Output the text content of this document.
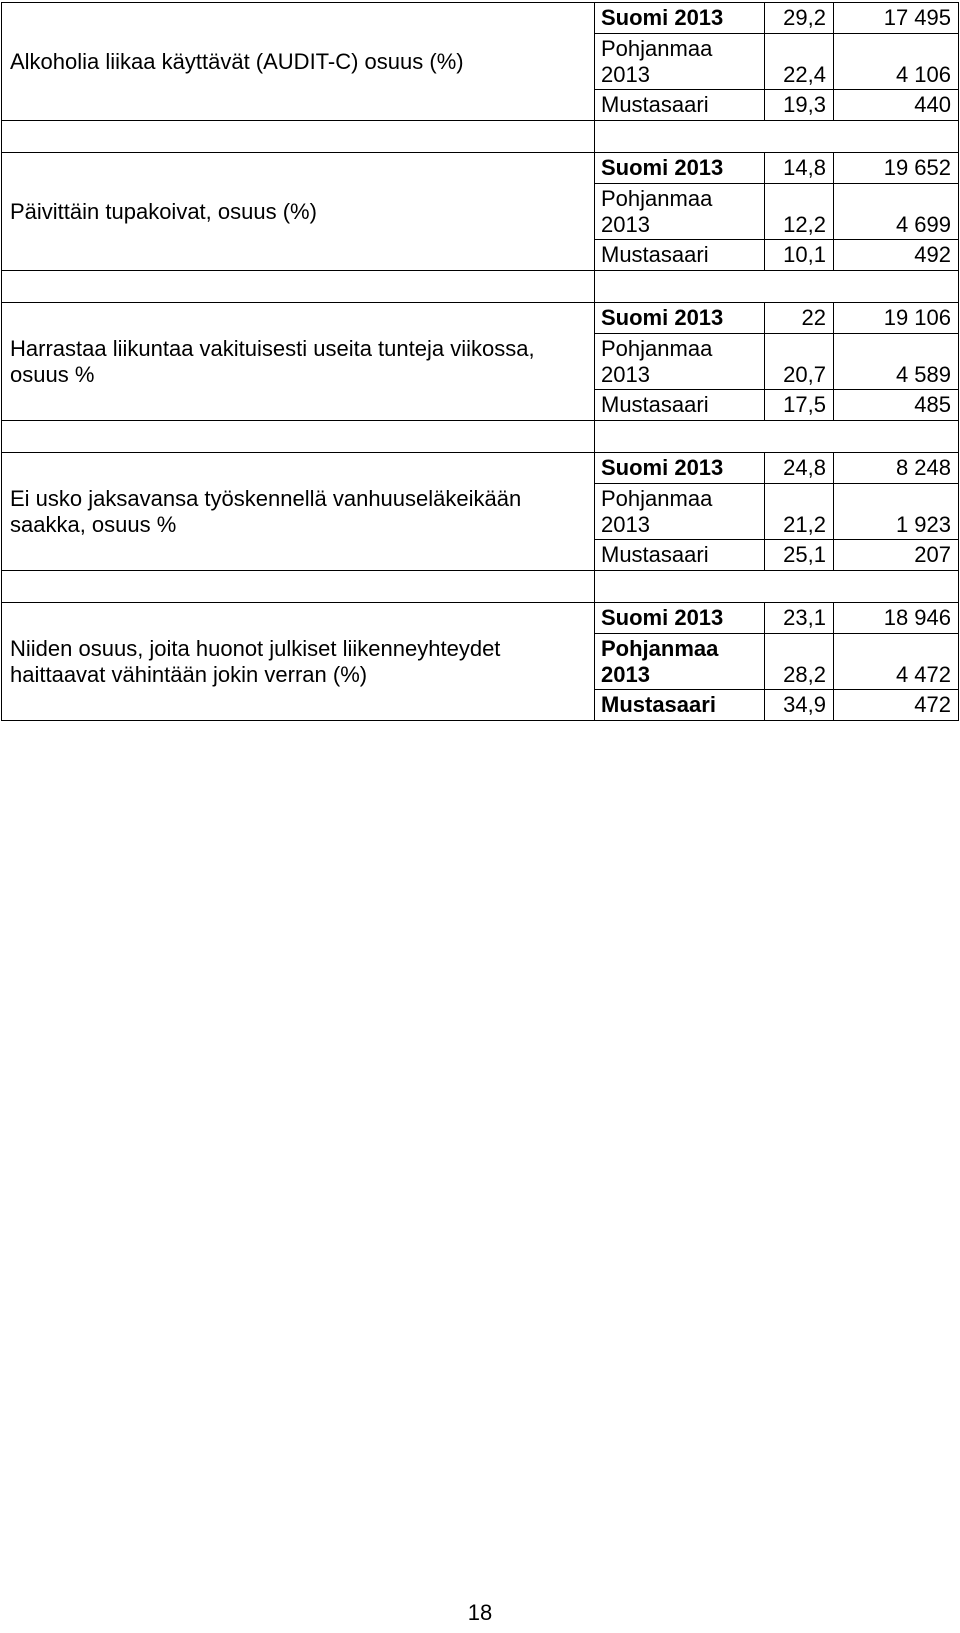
Alkoholia liikaa käyttävät (AUDIT-C) osuus (%)	Suomi 2013	29,2	17 495
	Pohjanmaa 2013	22,4	4 106
	Mustasaari	19,3	440

Päivittäin tupakoivat, osuus (%)	Suomi 2013	14,8	19 652
	Pohjanmaa 2013	12,2	4 699
	Mustasaari	10,1	492

Harrastaa liikuntaa vakituisesti useita tunteja viikossa, osuus %	Suomi 2013	22	19 106
	Pohjanmaa 2013	20,7	4 589
	Mustasaari	17,5	485

Ei usko jaksavansa työskennellä vanhuuseläkeikään saakka, osuus %	Suomi 2013	24,8	8 248
	Pohjanmaa 2013	21,2	1 923
	Mustasaari	25,1	207

Niiden osuus, joita huonot julkiset liikenneyhteydet haittaavat vähintään jokin verran (%)	Suomi 2013	23,1	18 946
	Pohjanmaa 2013	28,2	4 472
	Mustasaari	34,9	472
18
